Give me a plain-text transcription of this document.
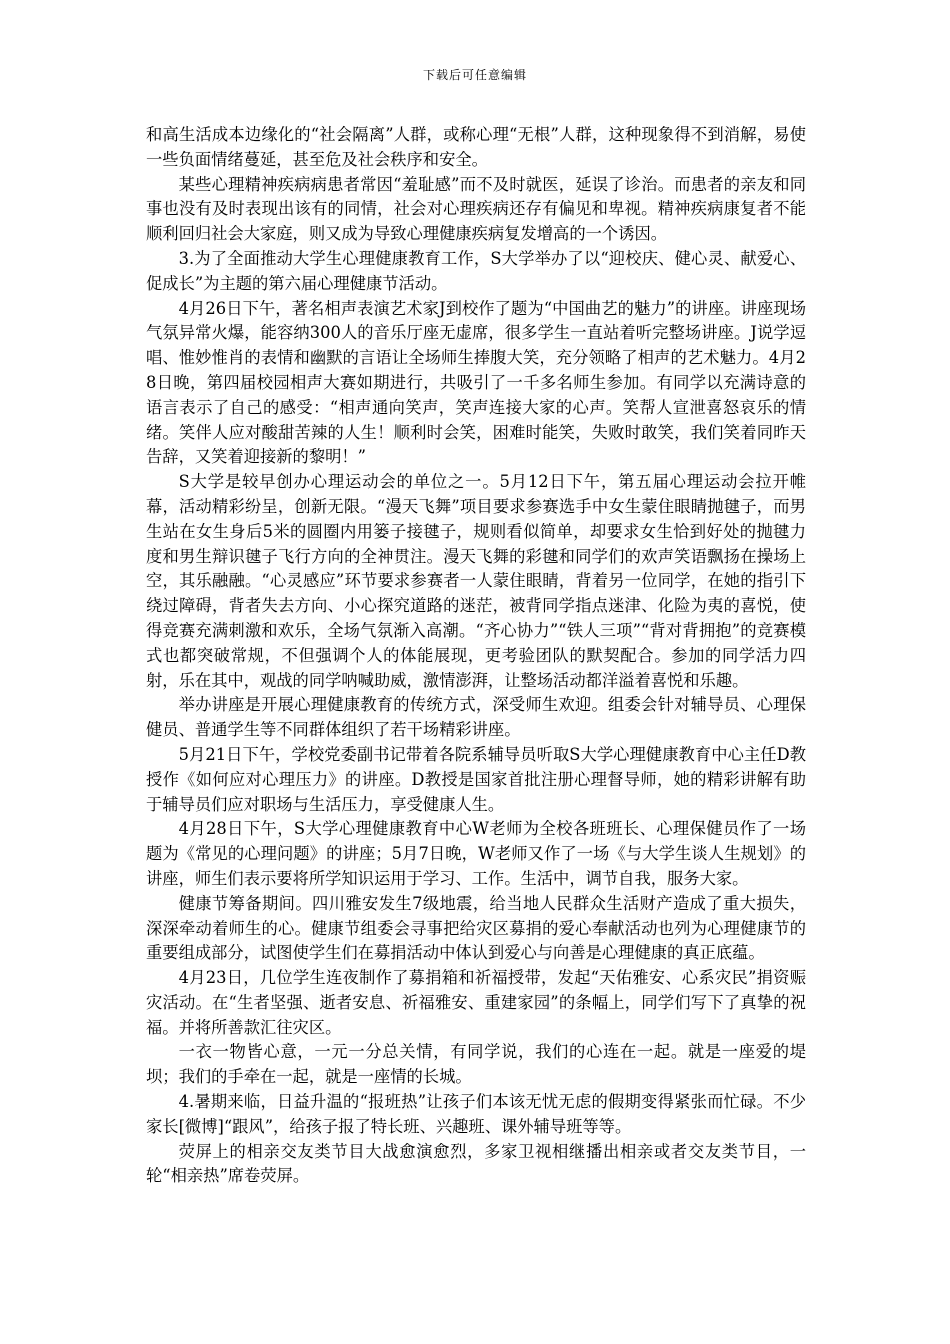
下载后可任意编辑

和高生活成本边缘化的“社会隔离”人群，或称心理“无根”人群，这种现象得不到消解，易使一些负面情绪蔓延，甚至危及社会秩序和安全。

某些心理精神疾病病患者常因“羞耻感”而不及时就医，延误了诊治。而患者的亲友和同事也没有及时表现出该有的同情，社会对心理疾病还存有偏见和卑视。精神疾病康复者不能顺利回归社会大家庭，则又成为导致心理健康疾病复发增高的一个诱因。

3.为了全面推动大学生心理健康教育工作，S大学举办了以“迎校庆、健心灵、献爱心、促成长”为主题的第六届心理健康节活动。

4月26日下午，著名相声表演艺术家J到校作了题为“中国曲艺的魅力”的讲座。讲座现场气氛异常火爆，能容纳300人的音乐厅座无虚席，很多学生一直站着听完整场讲座。J说学逗唱、惟妙惟肖的表情和幽默的言语让全场师生捧腹大笑，充分领略了相声的艺术魅力。4月28日晚，第四届校园相声大赛如期进行，共吸引了一千多名师生参加。有同学以充满诗意的语言表示了自己的感受：“相声通向笑声，笑声连接大家的心声。笑帮人宣泄喜怒哀乐的情绪。笑伴人应对酸甜苦辣的人生！顺利时会笑，困难时能笑，失败时敢笑，我们笑着同昨天告辞，又笑着迎接新的黎明！”

S大学是较早创办心理运动会的单位之一。5月12日下午，第五届心理运动会拉开帷幕，活动精彩纷呈，创新无限。“漫天飞舞”项目要求参赛选手中女生蒙住眼睛抛毽子，而男生站在女生身后5米的圆圈内用篓子接毽子，规则看似简单，却要求女生恰到好处的抛毽力度和男生辩识毽子飞行方向的全神贯注。漫天飞舞的彩毽和同学们的欢声笑语飘扬在操场上空，其乐融融。“心灵感应”环节要求参赛者一人蒙住眼睛，背着另一位同学，在她的指引下绕过障碍，背者失去方向、小心探究道路的迷茫，被背同学指点迷津、化险为夷的喜悦，使得竞赛充满刺激和欢乐，全场气氛渐入高潮。“齐心协力”“铁人三项”“背对背拥抱”的竞赛模式也都突破常规，不但强调个人的体能展现，更考验团队的默契配合。参加的同学活力四射，乐在其中，观战的同学呐喊助威，激情澎湃，让整场活动都洋溢着喜悦和乐趣。

举办讲座是开展心理健康教育的传统方式，深受师生欢迎。组委会针对辅导员、心理保健员、普通学生等不同群体组织了若干场精彩讲座。

5月21日下午，学校党委副书记带着各院系辅导员听取S大学心理健康教育中心主任D教授作《如何应对心理压力》的讲座。D教授是国家首批注册心理督导师，她的精彩讲解有助于辅导员们应对职场与生活压力，享受健康人生。

4月28日下午，S大学心理健康教育中心W老师为全校各班班长、心理保健员作了一场题为《常见的心理问题》的讲座；5月7日晚，W老师又作了一场《与大学生谈人生规划》的讲座，师生们表示要将所学知识运用于学习、工作。生活中，调节自我，服务大家。

健康节筹备期间。四川雅安发生7级地震，给当地人民群众生活财产造成了重大损失，深深牵动着师生的心。健康节组委会寻事把给灾区募捐的爱心奉献活动也列为心理健康节的重要组成部分，试图使学生们在募捐活动中体认到爱心与向善是心理健康的真正底蕴。

4月23日，几位学生连夜制作了募捐箱和祈福授带，发起“天佑雅安、心系灾民”捐资赈灾活动。在“生者坚强、逝者安息、祈福雅安、重建家园”的条幅上，同学们写下了真挚的祝福。并将所善款汇往灾区。

一衣一物皆心意，一元一分总关情，有同学说，我们的心连在一起。就是一座爱的堤坝；我们的手牵在一起，就是一座情的长城。

4.暑期来临，日益升温的“报班热”让孩子们本该无忧无虑的假期变得紧张而忙碌。不少家长[微博]“跟风”，给孩子报了特长班、兴趣班、课外辅导班等等。

荧屏上的相亲交友类节目大战愈演愈烈，多家卫视相继播出相亲或者交友类节目，一轮“相亲热”席卷荧屏。
